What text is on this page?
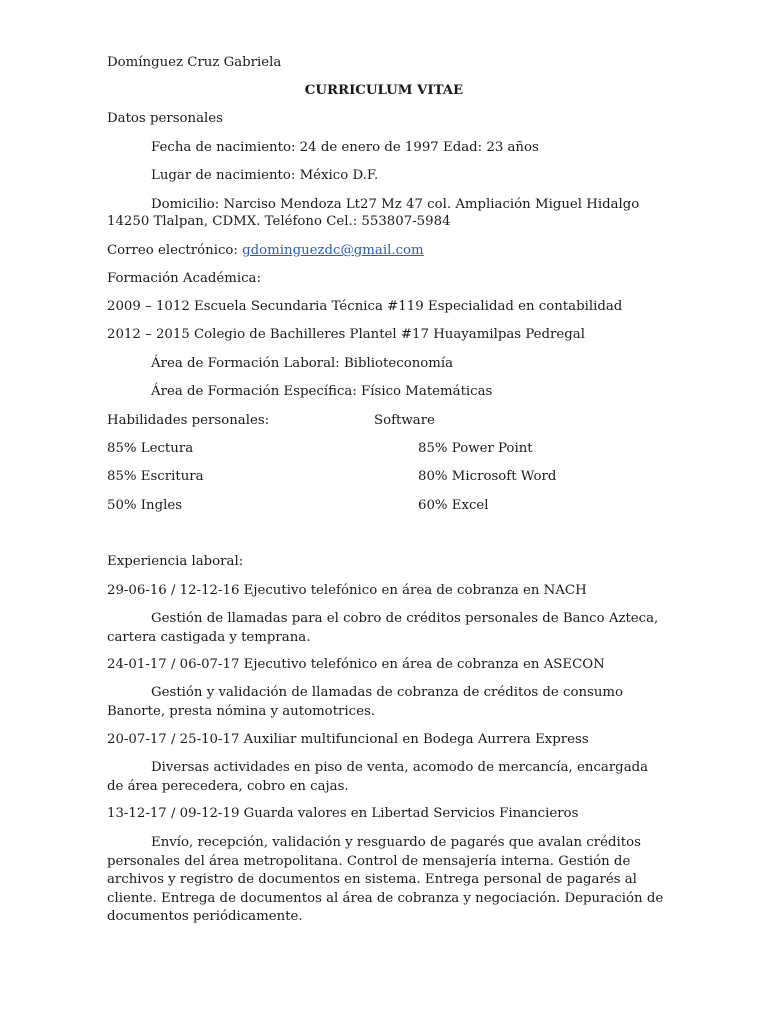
Domínguez Cruz Gabriela

CURRICULUM VITAE

Datos personales

Fecha de nacimiento: 24 de enero de 1997 Edad: 23 años

Lugar de nacimiento: México D.F.

Domicilio: Narciso Mendoza Lt27 Mz 47 col. Ampliación Miguel Hidalgo

14250 Tlalpan, CDMX. Teléfono Cel.: 553807-5984

Correo electrónico: gdominguezdc@gmail.com

Formación Académica:

2009 – 1012 Escuela Secundaria Técnica #119 Especialidad en contabilidad

2012 – 2015 Colegio de Bachilleres Plantel #17 Huayamilpas Pedregal

Área de Formación Laboral: Biblioteconomía

Área de Formación Específica: Físico Matemáticas

Habilidades personales:	Software

85% Lectura	85% Power Point

85% Escritura	80% Microsoft Word

50% Ingles	60% Excel

Experiencia laboral:

29-06-16 / 12-12-16 Ejecutivo telefónico en área de cobranza en NACH

Gestión de llamadas para el cobro de créditos personales de Banco Azteca, cartera castigada y temprana.

24-01-17 / 06-07-17 Ejecutivo telefónico en área de cobranza en ASECON

Gestión y validación de llamadas de cobranza de créditos de consumo Banorte, presta nómina y automotrices.

20-07-17 / 25-10-17 Auxiliar multifuncional en Bodega Aurrera Express

Diversas actividades en piso de venta, acomodo de mercancía, encargada de área perecedera, cobro en cajas.

13-12-17 / 09-12-19 Guarda valores en Libertad Servicios Financieros

Envío, recepción, validación y resguardo de pagarés que avalan créditos personales del área metropolitana. Control de mensajería interna. Gestión de archivos y registro de documentos en sistema. Entrega personal de pagarés al cliente. Entrega de documentos al área de cobranza y negociación. Depuración de documentos periódicamente.
